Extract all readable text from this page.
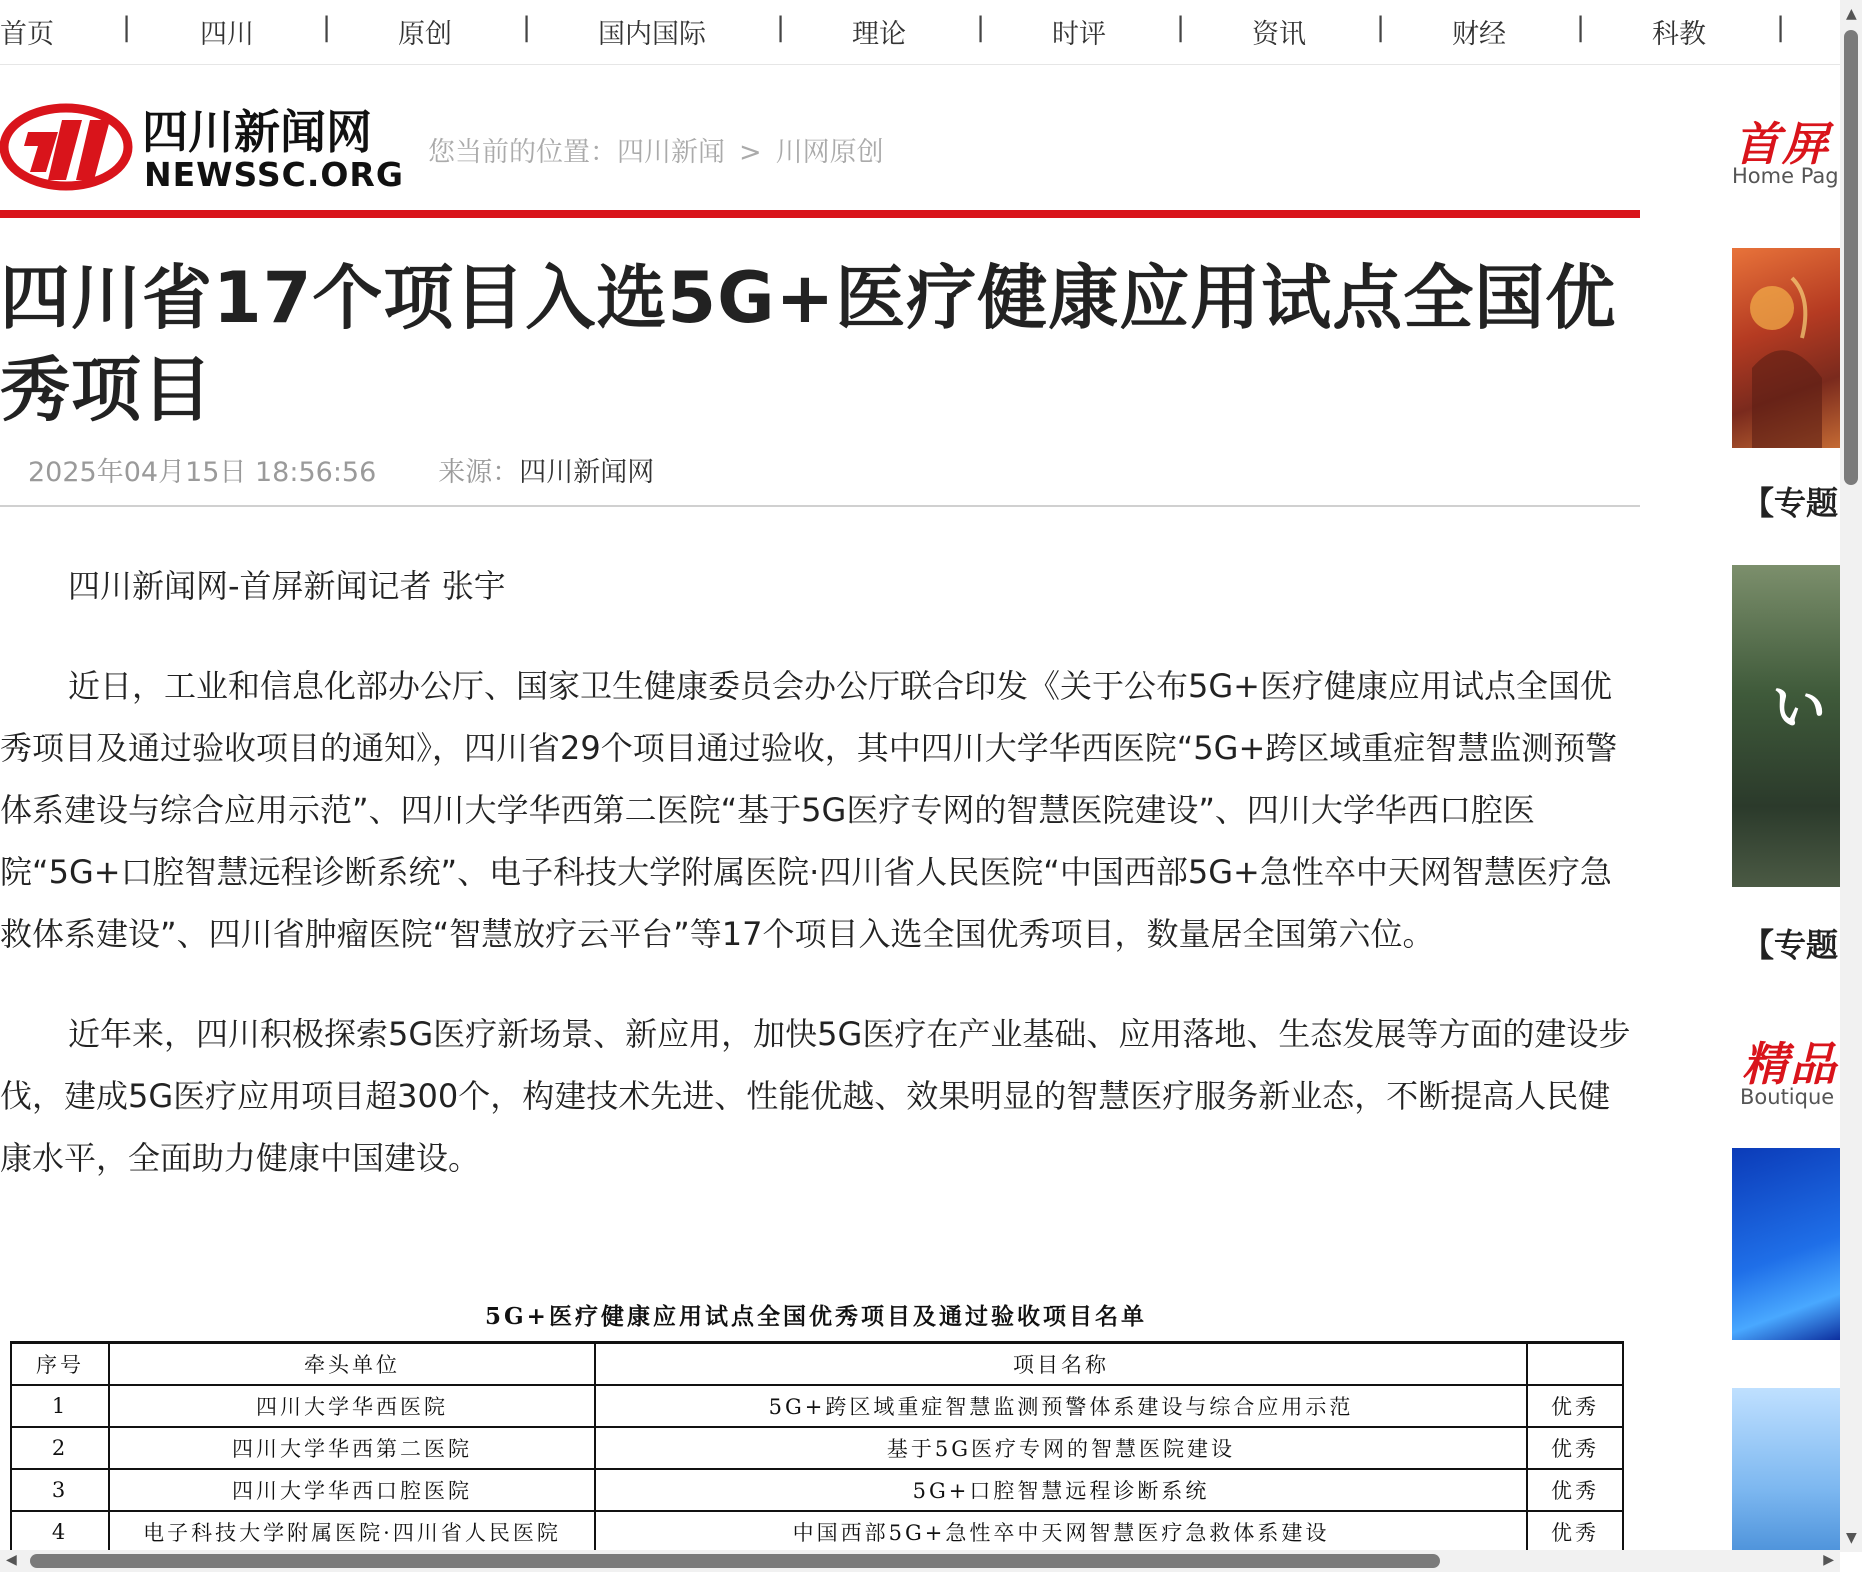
首页	|	四川	| 原创	| 国内国际	| 理论	| 时评	| 资讯	| 财经	| 科教	|
四川新闻网
NEWSSC.ORG
您当前的位置：四川新闻 > 川网原创
四川省17个项目入选5G+医疗健康应用试点全国优秀项目
2025年04月15日 18:56:56 来源：四川新闻网

四川新闻网-首屏新闻记者 张宇

近日，工业和信息化部办公厅、国家卫生健康委员会办公厅联合印发《关于公布5G+医疗健康应用试点全国优秀项目及通过验收项目的通知》，四川省29个项目通过验收，其中四川大学华西医院“5G+跨区域重症智慧监测预警体系建设与综合应用示范”、四川大学华西第二医院“基于5G医疗专网的智慧医院建设”、四川大学华西口腔医院“5G+口腔智慧远程诊断系统”、电子科技大学附属医院·四川省人民医院“中国西部5G+急性卒中天网智慧医疗急救体系建设”、四川省肿瘤医院“智慧放疗云平台”等17个项目入选全国优秀项目，数量居全国第六位。

近年来，四川积极探索5G医疗新场景、新应用，加快5G医疗在产业基础、应用落地、生态发展等方面的建设步伐，建成5G医疗应用项目超300个，构建技术先进、性能优越、效果明显的智慧医疗服务新业态，不断提高人民健康水平，全面助力健康中国建设。

5G+医疗健康应用试点全国优秀项目及通过验收项目名单
序号	牵头单位	项目名称	
1	四川大学华西医院	5G+跨区域重症智慧监测预警体系建设与综合应用示范	优秀
2	四川大学华西第二医院	基于5G医疗专网的智慧医院建设	优秀
3	四川大学华西口腔医院	5G+口腔智慧远程诊断系统	优秀
4	电子科技大学附属医院·四川省人民医院	中国西部5G+急性卒中天网智慧医疗急救体系建设	优秀
首屏
Home Pag
【专题
い
【专题
精品
Boutique
▲
▼
◀	▶
